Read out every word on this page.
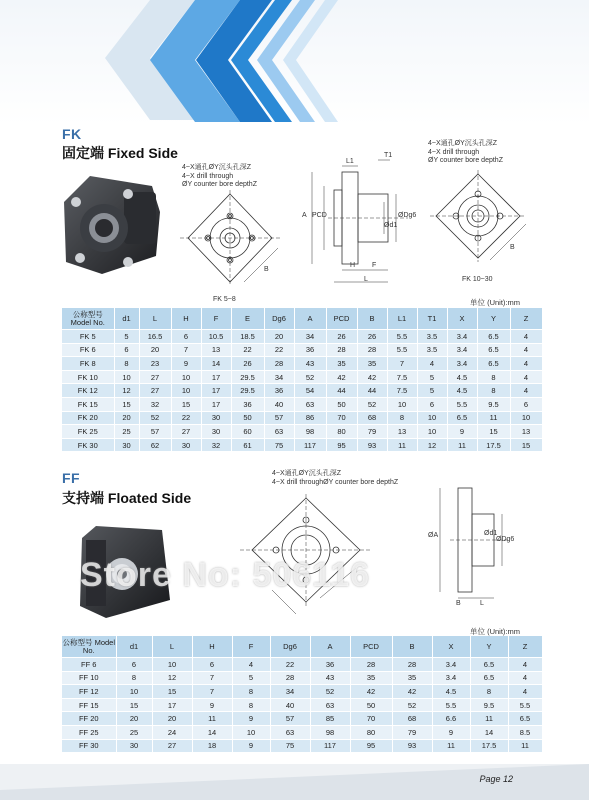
FK
固定端 Fixed Side
4~X通孔ØY沉头孔深Z
4~X drill through
ØY counter bore depthZ
B
FK 5~8
A PCD	ØDg6
Ød1
H F
L
L1
T1
4~X通孔ØY沉头孔深Z
4~X drill through
ØY counter bore depthZ
B
FK 10~30
单位 (Unit):mm
公称型号 Model No.	d1	L	H	F	E	Dg6	A	PCD	B	L1	T1	X	Y	Z
FK 5	5	16.5	6	10.5	18.5	20	34	26	26	5.5	3.5	3.4	6.5	4
FK 6	6	20	7	13	22	22	36	28	28	5.5	3.5	3.4	6.5	4
FK 8	8	23	9	14	26	28	43	35	35	7	4	3.4	6.5	4
FK 10	10	27	10	17	29.5	34	52	42	42	7.5	5	4.5	8	4
FK 12	12	27	10	17	29.5	36	54	44	44	7.5	5	4.5	8	4
FK 15	15	32	15	17	36	40	63	50	52	10	6	5.5	9.5	6
FK 20	20	52	22	30	50	57	86	70	68	8	10	6.5	11	10
FK 25	25	57	27	30	60	63	98	80	79	13	10	9	15	13
FK 30	30	62	30	32	61	75	117	95	93	11	12	11	17.5	15
FF
支持端 Floated Side
4~X通孔ØY沉头孔深Z
4~X drill throughØY counter bore depthZ
ØA	Ød1
ØDg6
B	L
Store No: 506116
单位 (Unit):mm
公称型号 Model No.	d1	L	H	F	Dg6	A	PCD	B	X	Y	Z
FF 6	6	10	6	4	22	36	28	28	3.4	6.5	4
FF 10	8	12	7	5	28	43	35	35	3.4	6.5	4
FF 12	10	15	7	8	34	52	42	42	4.5	8	4
FF 15	15	17	9	8	40	63	50	52	5.5	9.5	5.5
FF 20	20	20	11	9	57	85	70	68	6.6	11	6.5
FF 25	25	24	14	10	63	98	80	79	9	14	8.5
FF 30	30	27	18	9	75	117	95	93	11	17.5	11
Page 12
